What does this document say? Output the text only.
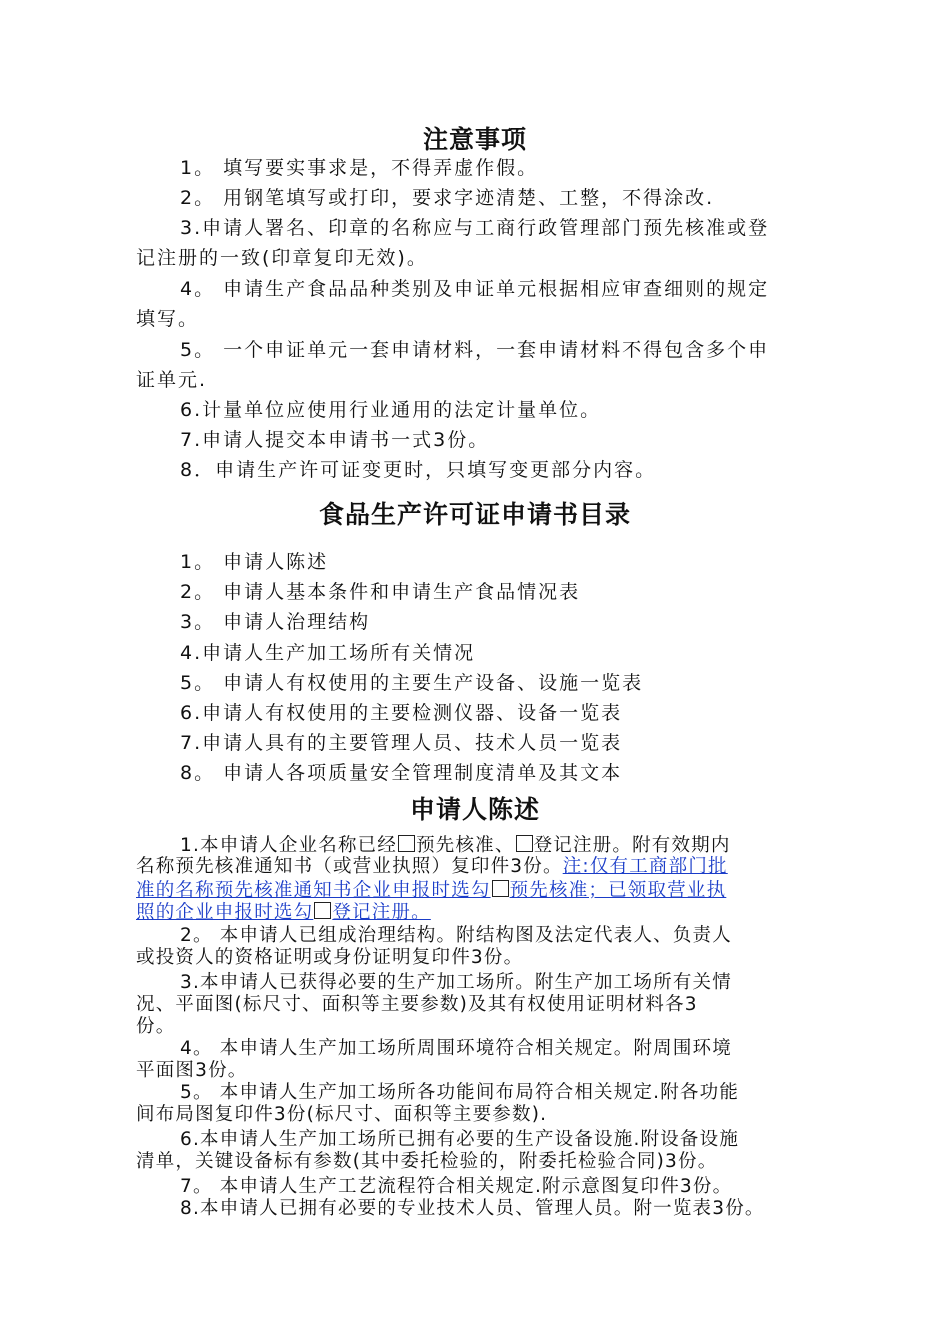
注意事项
1。 填写要实事求是，不得弄虚作假。
2。 用钢笔填写或打印，要求字迹清楚、工整，不得涂改.
3.申请人署名、印章的名称应与工商行政管理部门预先核准或登
记注册的一致(印章复印无效)。
4。 申请生产食品品种类别及申证单元根据相应审查细则的规定
填写。
5。 一个申证单元一套申请材料，一套申请材料不得包含多个申
证单元.
6.计量单位应使用行业通用的法定计量单位。
7.申请人提交本申请书一式3份。
8．申请生产许可证变更时，只填写变更部分内容。
食品生产许可证申请书目录
1。 申请人陈述
2。 申请人基本条件和申请生产食品情况表
3。 申请人治理结构
4.申请人生产加工场所有关情况
5。 申请人有权使用的主要生产设备、设施一览表
6.申请人有权使用的主要检测仪器、设备一览表
7.申请人具有的主要管理人员、技术人员一览表
8。 申请人各项质量安全管理制度清单及其文本
申请人陈述
1.本申请人企业名称已经 预先核准、 登记注册。附有效期内
名称预先核准通知书（或营业执照）复印件3份。注:仅有工商部门批
准的名称预先核准通知书企业申报时选勾 预先核准；已领取营业执
照的企业申报时选勾 登记注册。
2。 本申请人已组成治理结构。附结构图及法定代表人、负责人
或投资人的资格证明或身份证明复印件3份。
3.本申请人已获得必要的生产加工场所。附生产加工场所有关情
况、平面图(标尺寸、面积等主要参数)及其有权使用证明材料各3
份。
4。 本申请人生产加工场所周围环境符合相关规定。附周围环境
平面图3份。
5。 本申请人生产加工场所各功能间布局符合相关规定.附各功能
间布局图复印件3份(标尺寸、面积等主要参数).
6.本申请人生产加工场所已拥有必要的生产设备设施.附设备设施
清单，关键设备标有参数(其中委托检验的，附委托检验合同)3份。
7。 本申请人生产工艺流程符合相关规定.附示意图复印件3份。
8.本申请人已拥有必要的专业技术人员、管理人员。附一览表3份。
